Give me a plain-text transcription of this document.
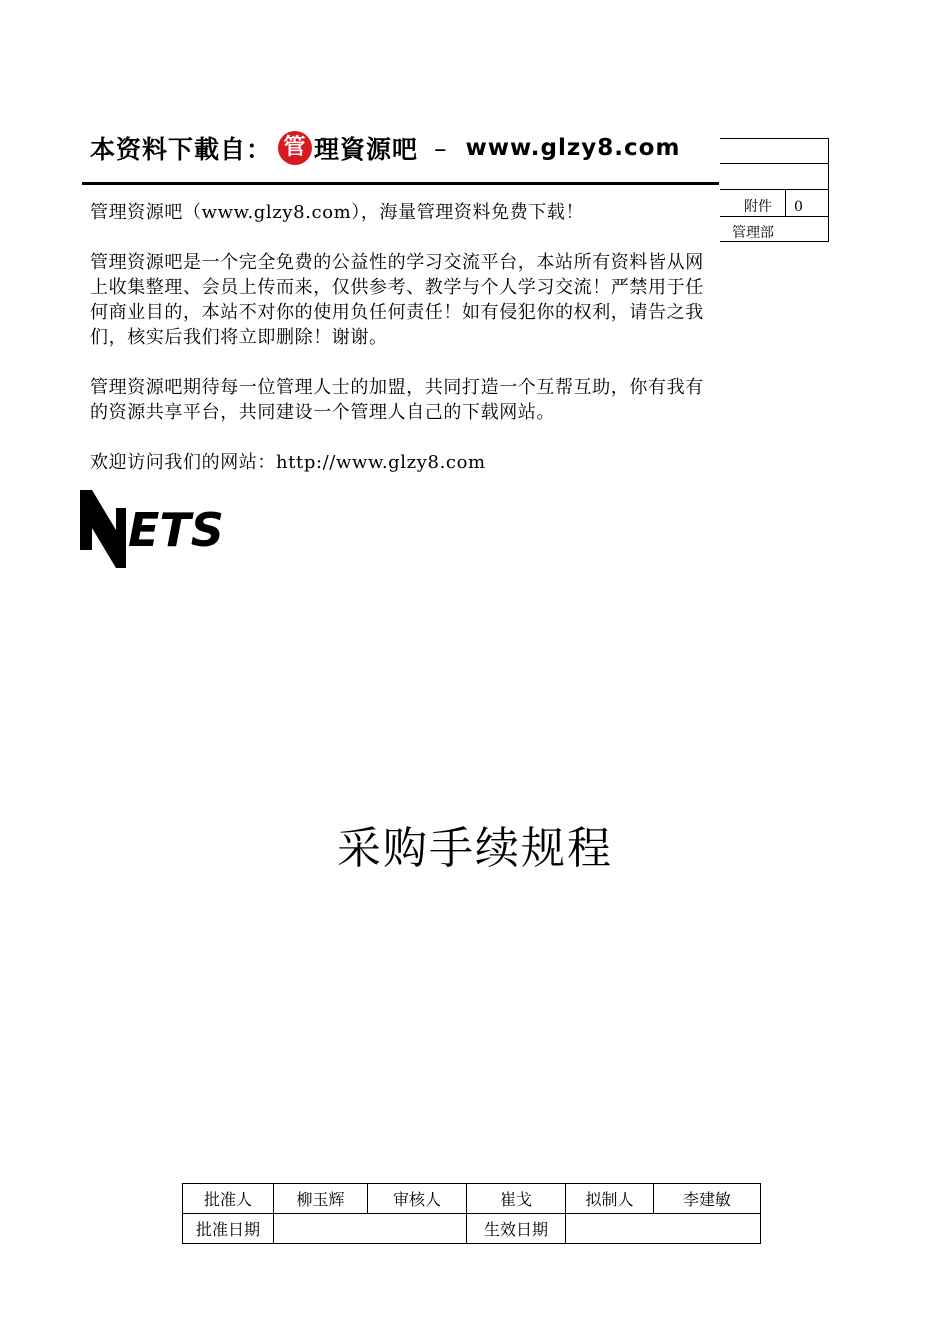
附件 0
管理部
本资料下載自： 管 理資源吧 – www.glzy8.com
管理资源吧（www.glzy8.com），海量管理资料免费下载！
管理资源吧是一个完全免费的公益性的学习交流平台，本站所有资料皆从网上收集整理、会员上传而来，仅供参考、教学与个人学习交流！严禁用于任何商业目的，本站不对你的使用负任何责任！如有侵犯你的权利，请告之我们，核实后我们将立即删除！谢谢。
管理资源吧期待每一位管理人士的加盟，共同打造一个互帮互助，你有我有的资源共享平台，共同建设一个管理人自己的下载网站。
欢迎访问我们的网站：http://www.glzy8.com
ETS
采购手续规程
批准人	柳玉辉	审核人	崔戈	拟制人	李建敏
批准日期			生效日期		
